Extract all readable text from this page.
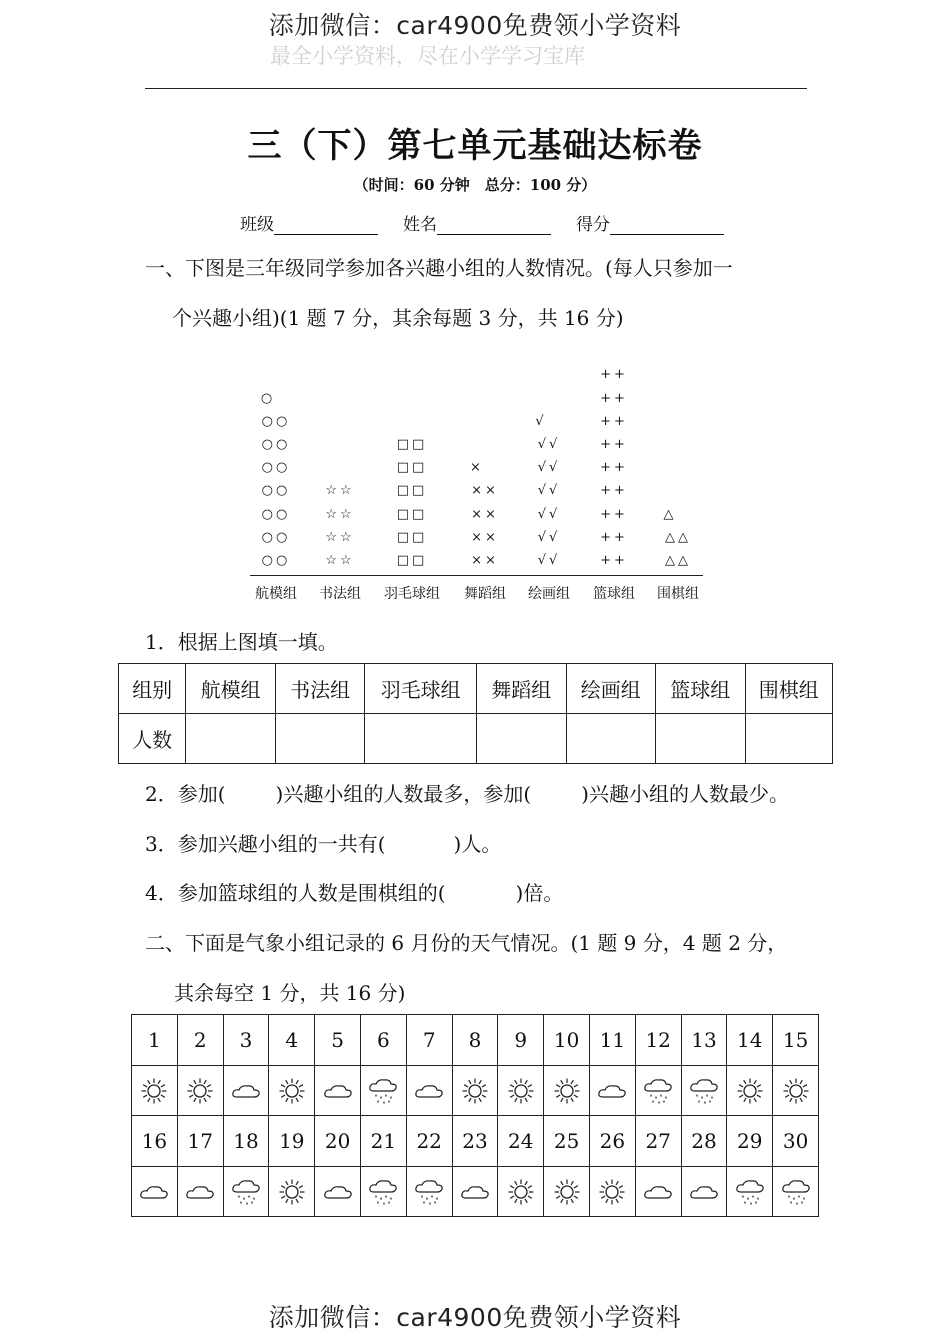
最全小学资料，尽在小学学习宝库
添加微信：car4900免费领小学资料
三（下）第七单元基础达标卷
（时间：60 分钟　总分：100 分）
班级	姓名	得分
一、下图是三年级同学参加各兴趣小组的人数情况。(每人只参加一
个兴趣小组)(1 题 7 分，其余每题 3 分，共 16 分)
○○
○○
○○
○○
○○
○○
○○
○
航模组
☆☆
☆☆
☆☆
☆☆
书法组
□□
□□
□□
□□
□□
□□
羽毛球组
××
××
××
××
×
舞蹈组
√√
√√
√√
√√
√√
√√
√
绘画组
++
++
++
++
++
++
++
++
++
篮球组
△△
△△
△
围棋组
1．根据上图填一填。
组别	航模组	书法组	羽毛球组	舞蹈组	绘画组	篮球组	围棋组
人数							
2．参加(	)兴趣小组的人数最多，参加(	)兴趣小组的人数最少。
3．参加兴趣小组的一共有(	)人。
4．参加篮球组的人数是围棋组的(	)倍。
二、下面是气象小组记录的 6 月份的天气情况。(1 题 9 分，4 题 2 分，
其余每空 1 分，共 16 分)
1	2	3	4	5	6	7	8	9	10	11	12	13	14	15

16	17	18	19	20	21	22	23	24	25	26	27	28	29	30

添加微信：car4900免费领小学资料
